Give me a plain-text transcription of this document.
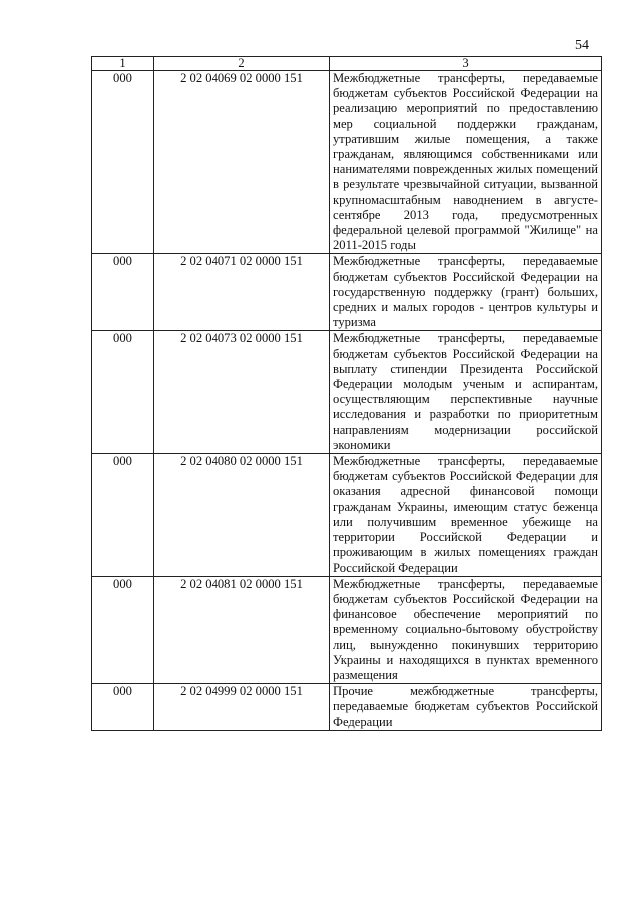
54
1	2	3
000	2 02 04069 02 0000 151	Межбюджетные трансферты, передаваемые бюджетам субъектов Российской Федерации на реализацию мероприятий по предоставлению мер социальной поддержки гражданам, утратившим жилые помещения, а также гражданам, являющимся собственниками или нанимателями поврежденных жилых помещений в результате чрезвычайной ситуации, вызванной крупномасштабным наводнением в августе-сентябре 2013 года, предусмотренных федеральной целевой программой "Жилище" на 2011-2015 годы
000	2 02 04071 02 0000 151	Межбюджетные трансферты, передаваемые бюджетам субъектов Российской Федерации на государственную поддержку (грант) больших, средних и малых городов - центров культуры и туризма
000	2 02 04073 02 0000 151	Межбюджетные трансферты, передаваемые бюджетам субъектов Российской Федерации на выплату стипендии Президента Российской Федерации молодым ученым и аспирантам, осуществляющим перспективные научные исследования и разработки по приоритетным направлениям модернизации российской экономики
000	2 02 04080 02 0000 151	Межбюджетные трансферты, передаваемые бюджетам субъектов Российской Федерации для оказания адресной финансовой помощи гражданам Украины, имеющим статус беженца или получившим временное убежище на территории Российской Федерации и проживающим в жилых помещениях граждан Российской Федерации
000	2 02 04081 02 0000 151	Межбюджетные трансферты, передаваемые бюджетам субъектов Российской Федерации на финансовое обеспечение мероприятий по временному социально-бытовому обустройству лиц, вынужденно покинувших территорию Украины и находящихся в пунктах временного размещения
000	2 02 04999 02 0000 151	Прочие межбюджетные трансферты, передаваемые бюджетам субъектов Российской Федерации
